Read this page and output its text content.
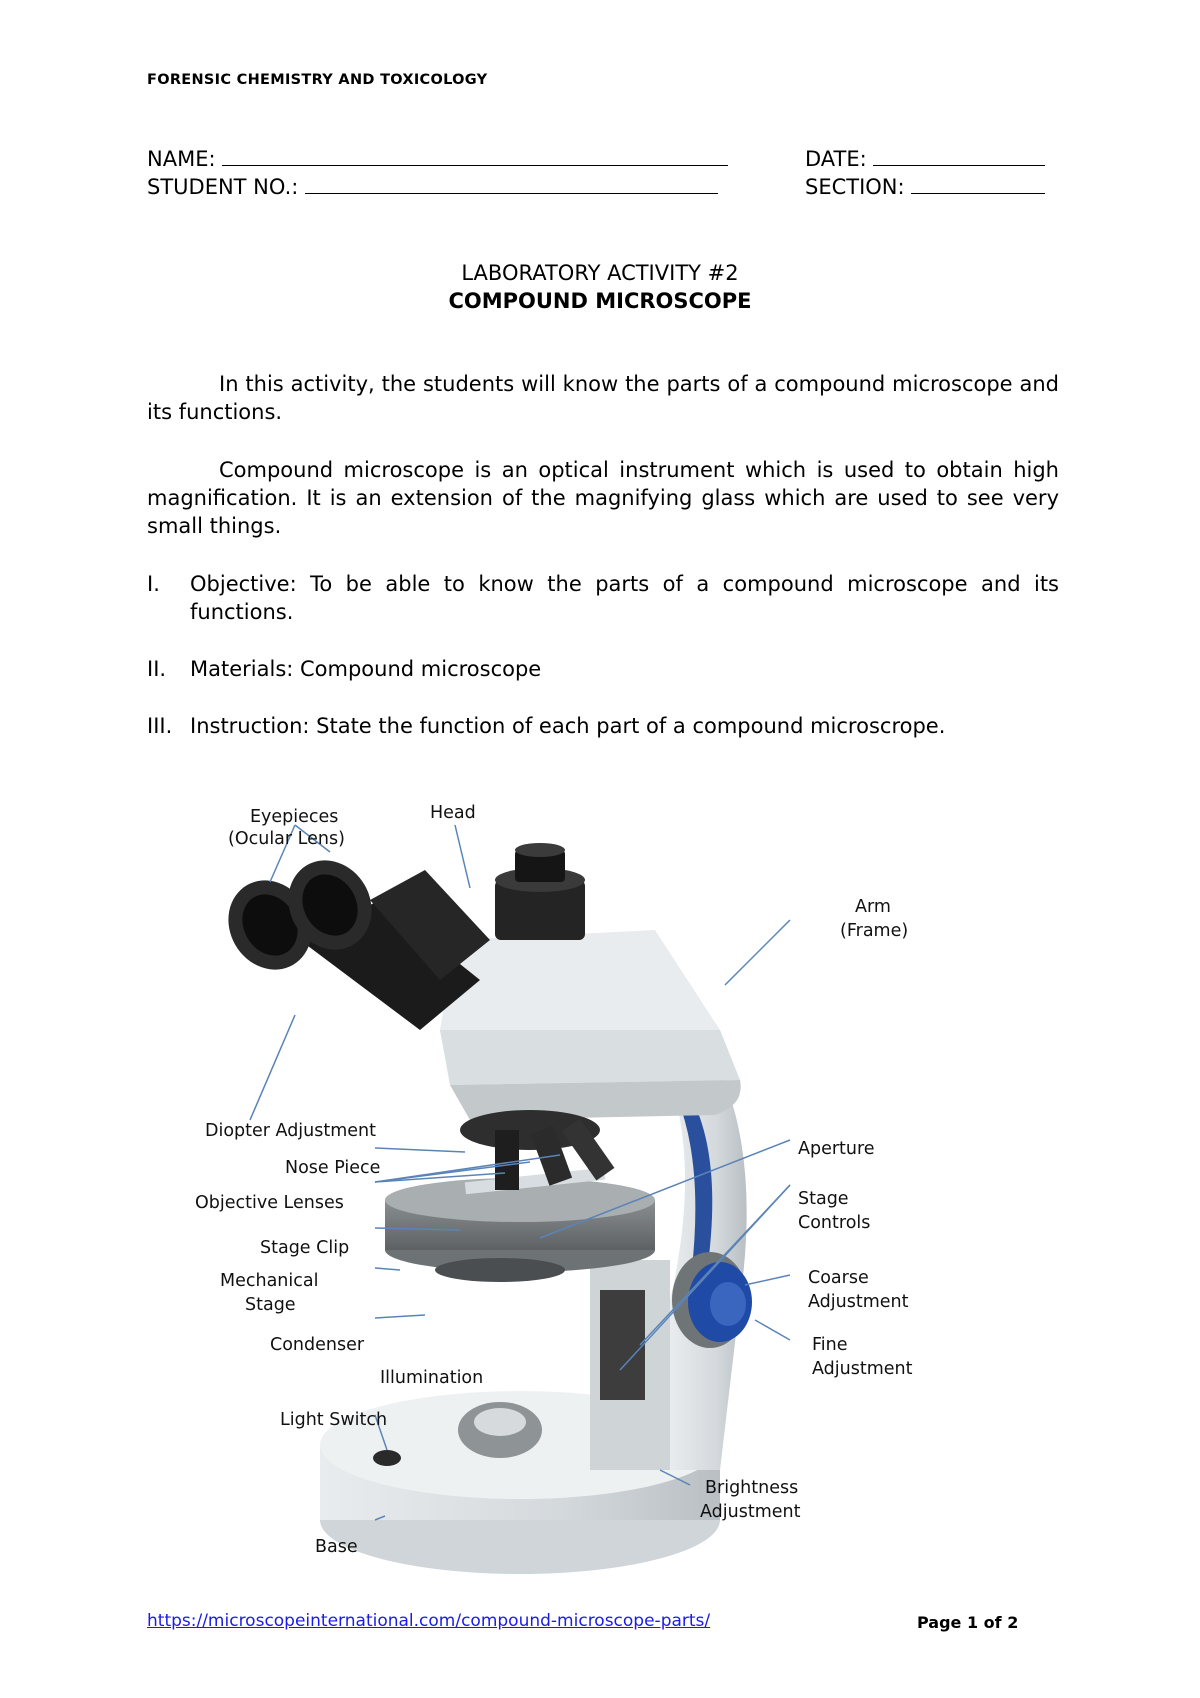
FORENSIC CHEMISTRY AND TOXICOLOGY
NAME:	DATE:
STUDENT NO.:	SECTION:
LABORATORY ACTIVITY #2
COMPOUND MICROSCOPE
In this activity, the students will know the parts of a compound microscope and its functions.
Compound microscope is an optical instrument which is used to obtain high magnification. It is an extension of the magnifying glass which are used to see very small things.
I. Objective: To be able to know the parts of a compound microscope and its functions.
II. Materials: Compound microscope
III. Instruction: State the function of each part of a compound microscrope.
Eyepieces
(Ocular Lens)
Head
Arm
(Frame)
Diopter Adjustment
Nose Piece
Objective Lenses
Stage Clip
Mechanical
Stage
Condenser
Illumination
Light Switch
Base
Aperture
Stage
Controls
Coarse
Adjustment
Fine
Adjustment
Brightness
Adjustment
https://microscopeinternational.com/compound-microscope-parts/	Page 1 of 2
